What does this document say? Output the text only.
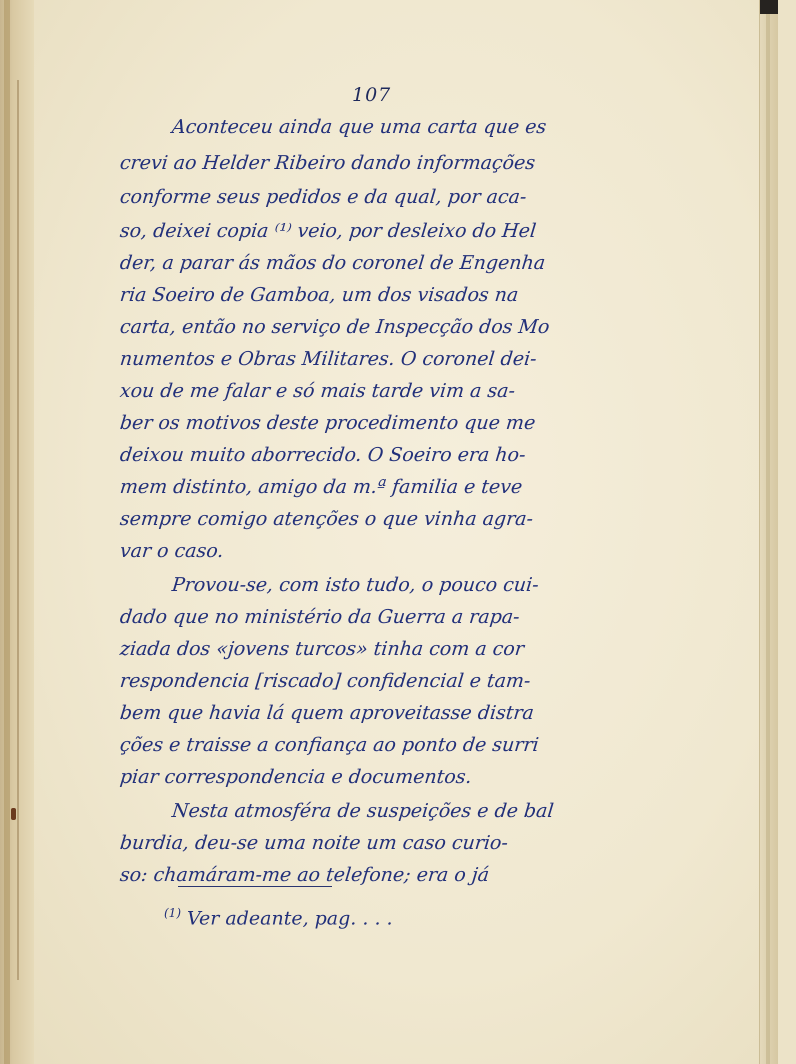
107
Aconteceu ainda que uma carta que es
crevi ao Helder Ribeiro dando informações
conforme seus pedidos e da qual, por aca-
so, deixei copia ⁽¹⁾ veio, por desleixo do Hel
der, a parar ás mãos do coronel de Engenha
ria Soeiro de Gamboa, um dos visados na
carta, então no serviço de Inspecção dos Mo
numentos e Obras Militares. O coronel dei-
xou de me falar e só mais tarde vim a sa-
ber os motivos deste procedimento que me
deixou muito aborrecido. O Soeiro era ho-
mem distinto, amigo da m.ª familia e teve
sempre comigo atenções o que vinha agra-
var o caso.
Provou-se, com isto tudo, o pouco cui-
dado que no ministério da Guerra a rapa-
ziada dos «jovens turcos» tinha com a cor
respondencia [riscado] confidencial e tam-
bem que havia lá quem aproveitasse distra
ções e traisse a confiança ao ponto de surri
piar correspondencia e documentos.
Nesta atmosféra de suspeições e de bal
burdia, deu-se uma noite um caso curio-
so: chamáram-me ao telefone; era o já
$^{(1)}$ Ver adeante, pag. . . .
